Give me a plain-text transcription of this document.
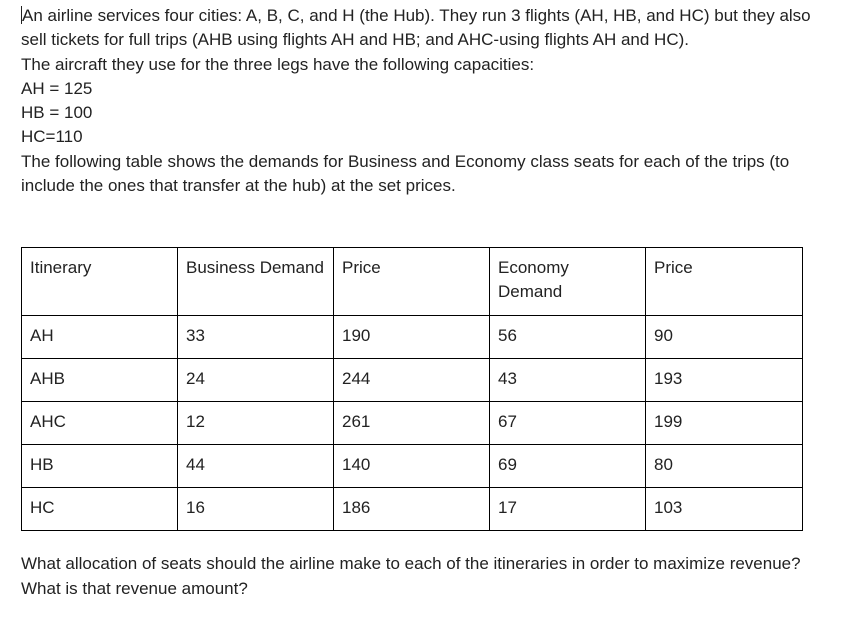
An airline services four cities: A, B, C, and H (the Hub). They run 3 flights (AH, HB, and HC) but they also sell tickets for full trips (AHB using flights AH and HB; and AHC-using flights AH and HC).

The aircraft they use for the three legs have the following capacities:

AH = 125

HB = 100

HC=110

The following table shows the demands for Business and Economy class seats for each of the trips (to include the ones that transfer at the hub) at the set prices.

Itinerary	Business Demand	Price	Economy Demand	Price
AH	33	190	56	90
AHB	24	244	43	193
AHC	12	261	67	199
HB	44	140	69	80
HC	16	186	17	103

What allocation of seats should the airline make to each of the itineraries in order to maximize revenue? What is that revenue amount?
